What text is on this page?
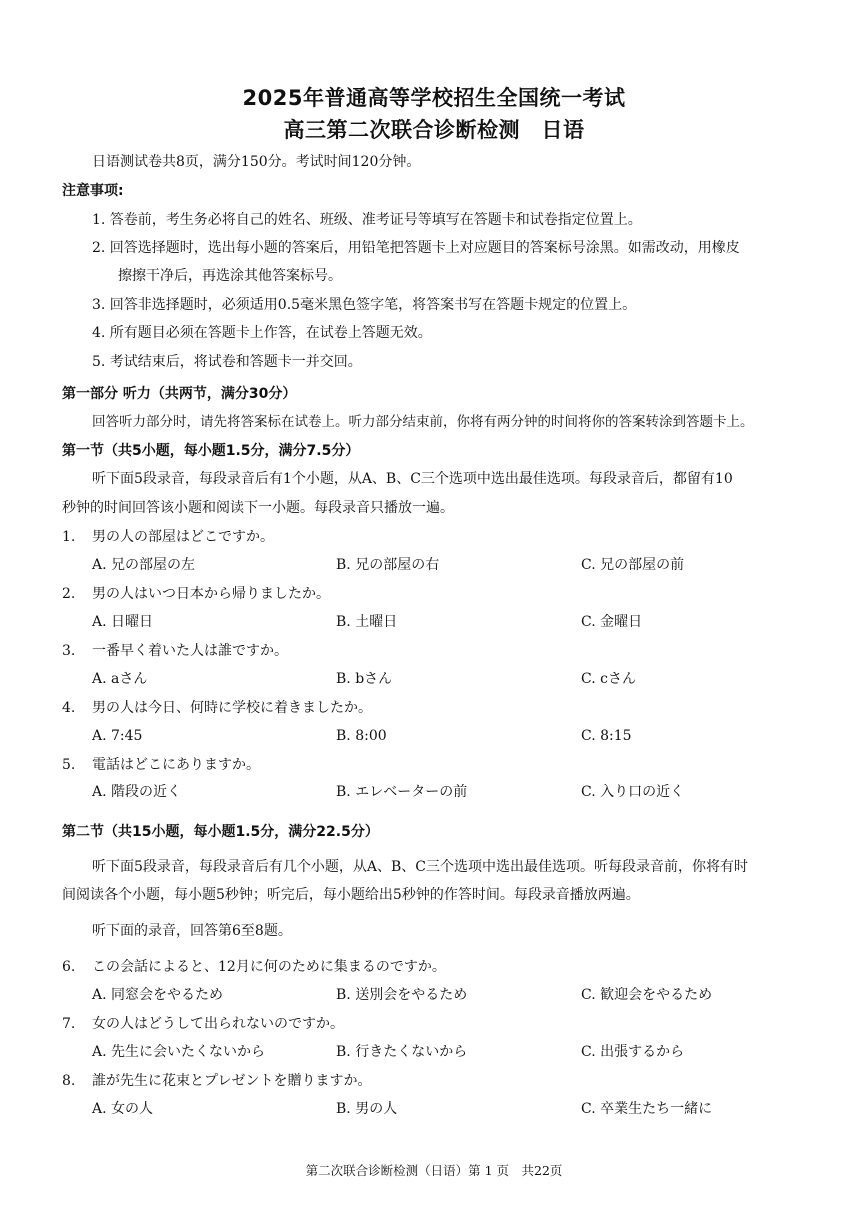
2025年普通高等学校招生全国统一考试
高三第二次联合诊断检测　日语
日语测试卷共8页，满分150分。考试时间120分钟。
注意事项:
1. 答卷前，考生务必将自己的姓名、班级、准考证号等填写在答题卡和试卷指定位置上。
2. 回答选择题时，选出每小题的答案后，用铅笔把答题卡上对应题目的答案标号涂黑。如需改动，用橡皮
擦擦干净后，再选涂其他答案标号。
3. 回答非选择题时，必须适用0.5毫米黑色签字笔，将答案书写在答题卡规定的位置上。
4. 所有题目必须在答题卡上作答，在试卷上答题无效。
5. 考试结束后，将试卷和答题卡一并交回。
第一部分 听力（共两节，满分30分）
回答听力部分时，请先将答案标在试卷上。听力部分结束前，你将有两分钟的时间将你的答案转涂到答题卡上。
第一节（共5小题，每小题1.5分，满分7.5分）
听下面5段录音，每段录音后有1个小题，从A、B、C三个选项中选出最佳选项。每段录音后，都留有10
秒钟的时间回答该小题和阅读下一小题。每段录音只播放一遍。
1. 男の人の部屋はどこですか。
A. 兄の部屋の左	B. 兄の部屋の右	C. 兄の部屋の前
2. 男の人はいつ日本から帰りましたか。
A. 日曜日	B. 土曜日	C. 金曜日
3. 一番早く着いた人は誰ですか。
A. aさん	B. bさん	C. cさん
4. 男の人は今日、何時に学校に着きましたか。
A. 7:45	B. 8:00	C. 8:15
5. 電話はどこにありますか。
A. 階段の近く	B. エレベーターの前	C. 入り口の近く
第二节（共15小题，每小题1.5分，满分22.5分）
听下面5段录音，每段录音后有几个小题，从A、B、C三个选项中选出最佳选项。听每段录音前，你将有时
间阅读各个小题，每小题5秒钟；听完后，每小题给出5秒钟的作答时间。每段录音播放两遍。
听下面的录音，回答第6至8题。
6. この会話によると、12月に何のために集まるのですか。
A. 同窓会をやるため	B. 送別会をやるため	C. 歓迎会をやるため
7. 女の人はどうして出られないのですか。
A. 先生に会いたくないから	B. 行きたくないから	C. 出張するから
8. 誰が先生に花束とプレゼントを贈りますか。
A. 女の人	B. 男の人	C. 卒業生たち一緒に
第二次联合诊断检测（日语）第 1 页　共22页
